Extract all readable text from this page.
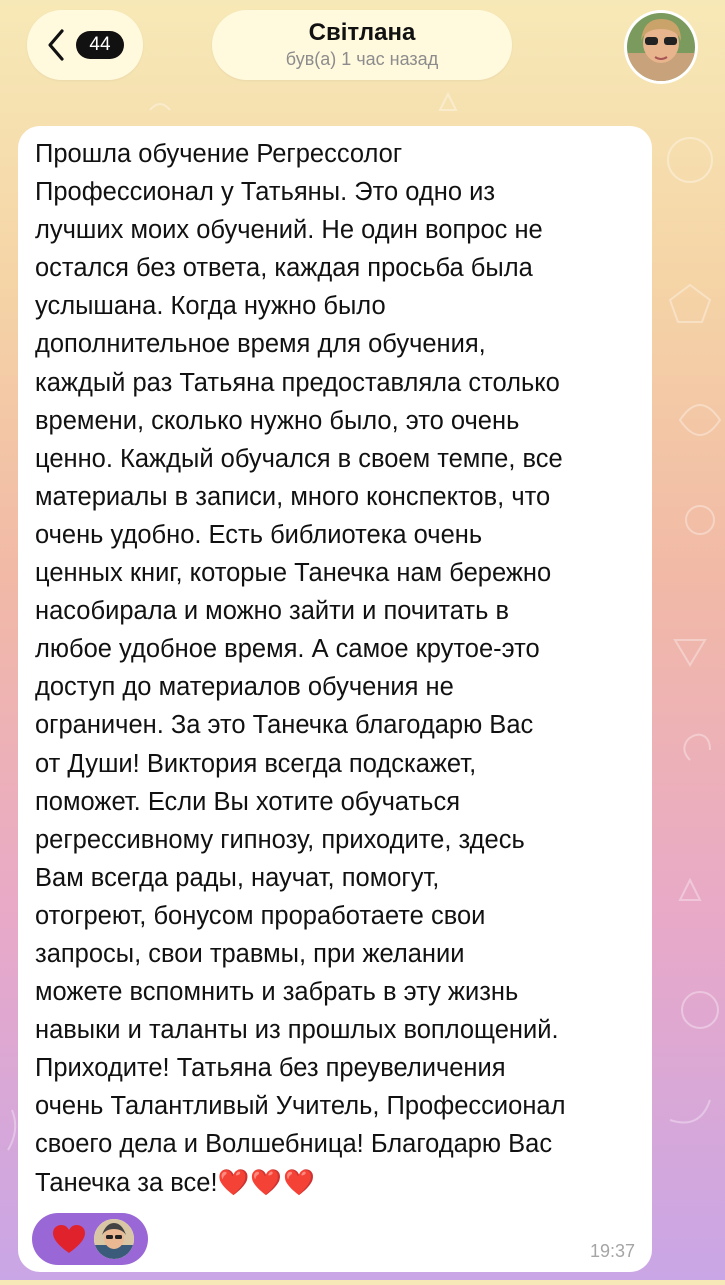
44	Світлана
був(а) 1 час назад

Прошла обучение Регрессолог
Профессионал у Татьяны. Это одно из
лучших моих обучений. Не один вопрос не
остался без ответа, каждая просьба была
услышана. Когда нужно было
дополнительное время для обучения,
каждый раз Татьяна предоставляла столько
времени, сколько нужно было, это очень
ценно. Каждый обучался в своем темпе, все
материалы в записи, много конспектов, что
очень удобно. Есть библиотека очень
ценных книг, которые Танечка нам бережно
насобирала и можно зайти и почитать в
любое удобное время. А самое крутое-это
доступ до материалов обучения не
ограничен. За это Танечка благодарю Вас
от Души! Виктория всегда подскажет,
поможет. Если Вы хотите обучаться
регрессивному гипнозу, приходите, здесь
Вам всегда рады, научат, помогут,
отогреют, бонусом проработаете свои
запросы, свои травмы, при желании
можете вспомнить и забрать в эту жизнь
навыки и таланты из прошлых воплощений.
Приходите! Татьяна без преувеличения
очень Талантливый Учитель, Профессионал
своего дела и Волшебница! Благодарю Вас
Танечка за все!❤️❤️❤️

19:37
